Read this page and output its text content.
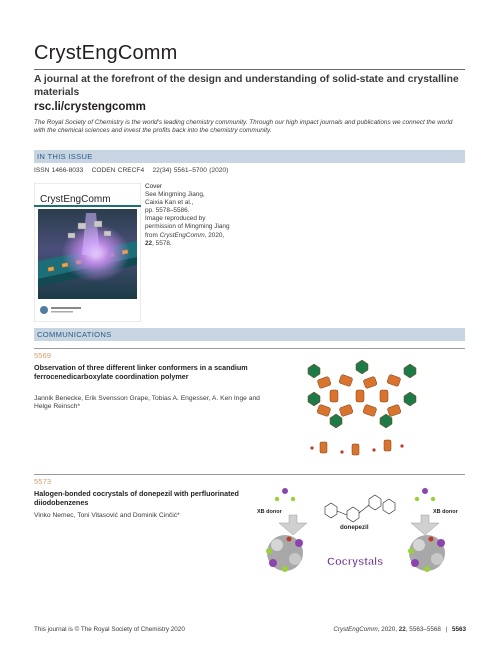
CrystEngComm
A journal at the forefront of the design and understanding of solid-state and crystalline materials
rsc.li/crystengcomm
The Royal Society of Chemistry is the world's leading chemistry community. Through our high impact journals and publications we connect the world with the chemical sciences and invest the profits back into the chemistry community.
IN THIS ISSUE
ISSN 1466-8033 CODEN CRECF4 22(34) 5561–5700 (2020)
CrystEngComm
Cover
See Mingming Jiang,
Caixia Kan et al.,
pp. 5578–5586.
Image reproduced by
permission of Mingming Jiang
from CrystEngComm, 2020,
22, 5578.
COMMUNICATIONS
5569
Observation of three different linker conformers in a scandium ferrocenedicarboxylate coordination polymer
Jannik Benecke, Erik Svensson Grape, Tobias A. Engesser, A. Ken Inge and Helge Reinsch*
5573
Halogen-bonded cocrystals of donepezil with perfluorinated diiodobenzenes
Vinko Nemec, Toni Vitasović and Dominik Cinčić*	XB donor	XB donor
donepezil
Cocrystals
This journal is © The Royal Society of Chemistry 2020	CrystEngComm, 2020, 22, 5563–5568 | 5563
